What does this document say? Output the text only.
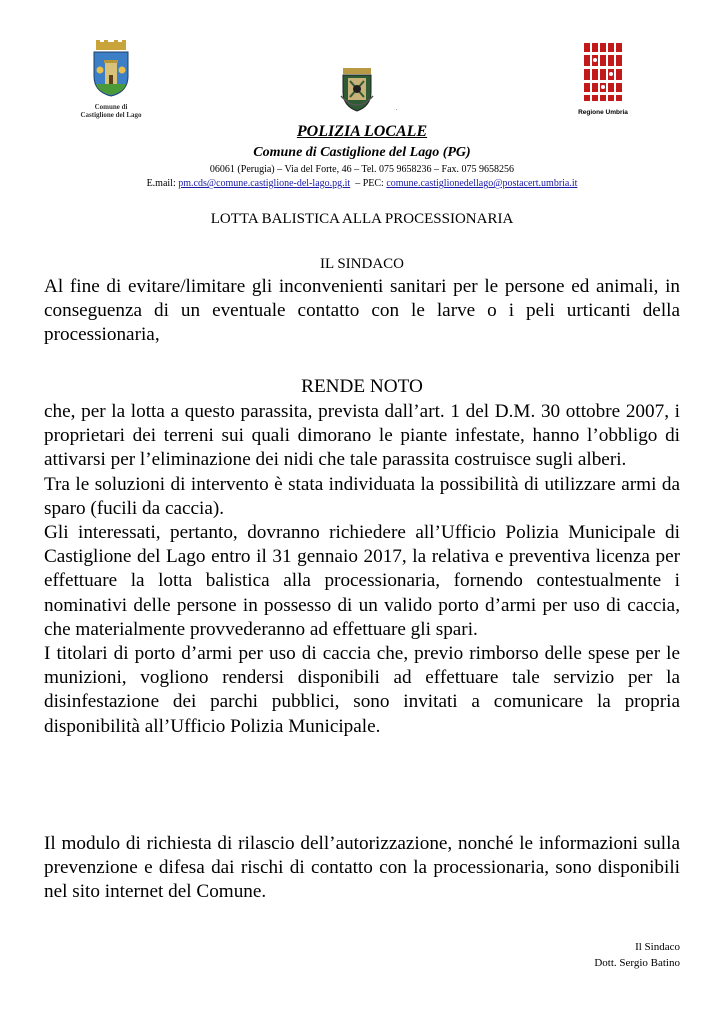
Comune di
Castiglione del Lago
.	Regione Umbria
POLIZIA LOCALE
Comune di Castiglione del Lago (PG)
06061 (Perugia) – Via del Forte, 46 – Tel. 075 9658236 – Fax. 075 9658256
E.mail: pm.cds@comune.castiglione-del-lago.pg.it  – PEC: comune.castiglionedellago@postacert.umbria.it
LOTTA BALISTICA ALLA PROCESSIONARIA
IL SINDACO

Al fine di evitare/limitare gli inconvenienti sanitari per le persone ed animali, in conseguenza di un eventuale contatto con le larve o i peli urticanti della processionaria,

RENDE NOTO

che, per la lotta a questo parassita, prevista dall’art. 1 del D.M. 30 ottobre 2007, i proprietari dei terreni sui quali dimorano le piante infestate, hanno l’obbligo di attivarsi per l’eliminazione dei nidi che tale parassita costruisce sugli alberi.

Tra le soluzioni di intervento è stata individuata la possibilità di utilizzare armi da sparo (fucili da caccia).

Gli interessati, pertanto, dovranno richiedere all’Ufficio Polizia Municipale di Castiglione del Lago entro il 31 gennaio 2017, la relativa e preventiva licenza per effettuare la lotta balistica alla processionaria, fornendo contestualmente i nominativi delle persone in possesso di un valido porto d’armi per uso di caccia, che materialmente provvederanno ad effettuare gli spari.

I titolari di porto d’armi per uso di caccia che, previo rimborso delle spese per le munizioni, vogliono rendersi disponibili ad effettuare tale servizio per la disinfestazione dei parchi pubblici, sono invitati a comunicare la propria disponibilità all’Ufficio Polizia Municipale.

Il modulo di richiesta di rilascio dell’autorizzazione, nonché le informazioni sulla prevenzione e difesa dai rischi di contatto con la processionaria, sono disponibili nel sito internet del Comune.

Il Sindaco
Dott. Sergio Batino
